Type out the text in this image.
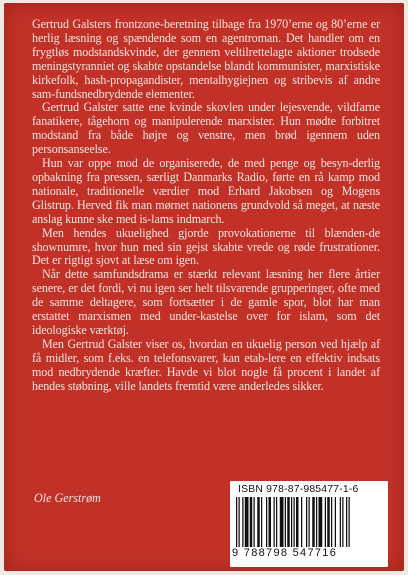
Gertrud Galsters frontzone-beretning tilbage fra 1970’erne og 80’erne er herlig læsning og spændende som en agentroman. Det handler om en frygtløs modstandskvinde, der gennem veltilrettelagte aktioner trodsede meningstyranniet og skabte opstandelse blandt kommunister, marxistiske kirkefolk, hash-propagandister, mentalhygiejnen og stribevis af andre sam-fundsnedbrydende elementer.

Gertrud Galster satte ene kvinde skovlen under lejesvende, vildfarne fanatikere, tågehorn og manipulerende marxister. Hun mødte forbitret modstand fra både højre og venstre, men brød igennem uden personsanseelse.

Hun var oppe mod de organiserede, de med penge og besyn-derlig opbakning fra pressen, særligt Danmarks Radio, førte en rå kamp mod nationale, traditionelle værdier mod Erhard Jakobsen og Mogens Glistrup. Herved fik man mørnet nationens grundvold så meget, at næste anslag kunne ske med is-lams indmarch.

Men hendes ukuelighed gjorde provokationerne til blænden-de shownumre, hvor hun med sin gejst skabte vrede og røde frustrationer. Det er rigtigt sjovt at læse om igen.

Når dette samfundsdrama er stærkt relevant læsning her flere årtier senere, er det fordi, vi nu igen ser helt tilsvarende grupperinger, ofte med de samme deltagere, som fortsætter i de gamle spor, blot har man erstattet marxismen med under-kastelse over for islam, som det ideologiske værktøj.

Men Gertrud Galster viser os, hvordan en ukuelig person ved hjælp af få midler, som f.eks. en telefonsvarer, kan etab-lere en effektiv indsats mod nedbrydende kræfter. Havde vi blot nogle få procent i landet af hendes støbning, ville landets fremtid være anderledes sikker.

Ole Gerstrøm
ISBN 978-87-985477-1-6
9 788798 547716
